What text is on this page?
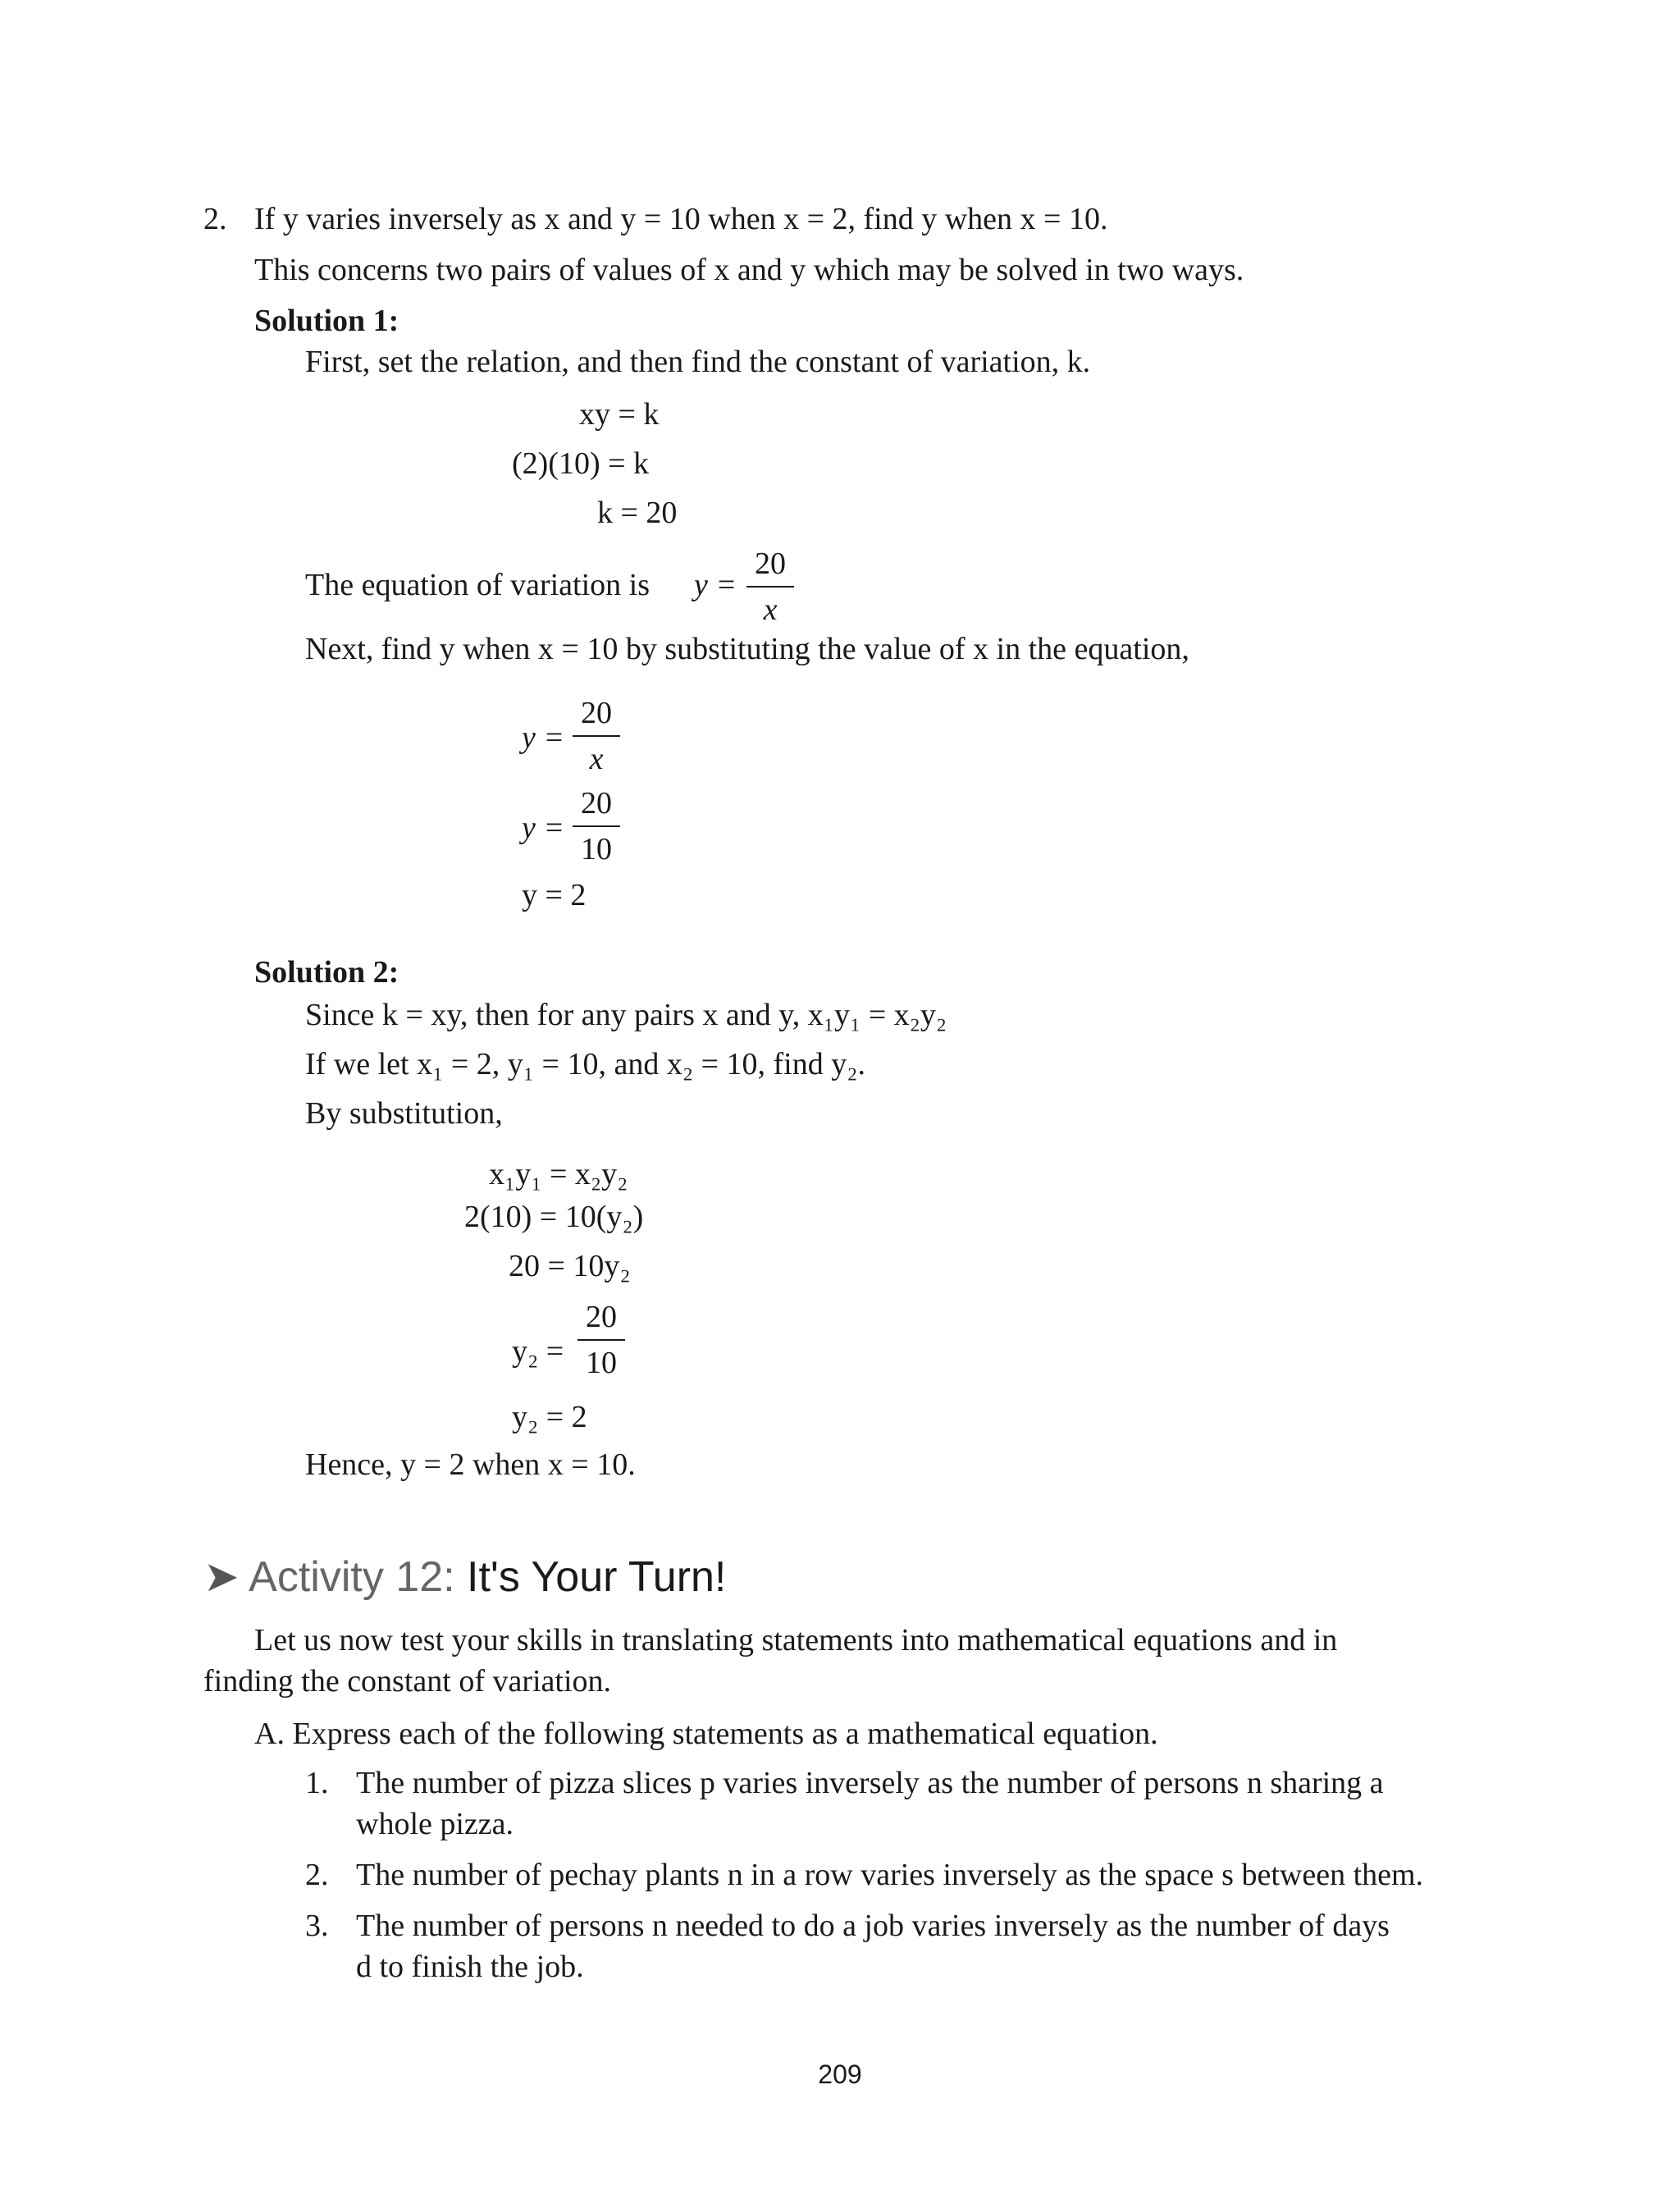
2. If y varies inversely as x and y = 10 when x = 2, find y when x = 10.
This concerns two pairs of values of x and y which may be solved in two ways.
Solution 1:
First, set the relation, and then find the constant of variation, k.
xy = k
(2)(10) = k
k = 20
The equation of variation is y =
20
x
Next, find y when x = 10 by substituting the value of x in the equation,
y =
20
x
y =
20
10
y = 2
Solution 2:
Since k = xy, then for any pairs x and y, x₁y₁ = x₂y₂
If we let x₁ = 2, y₁ = 10, and x₂ = 10, find y₂.
By substitution,
x₁y₁ = x₂y₂
2(10) = 10(y₂)
20 = 10y₂
y₂ =
20
10
y₂ = 2
Hence, y = 2 when x = 10.
➤ Activity 12: It's Your Turn!
Let us now test your skills in translating statements into mathematical equations and in
finding the constant of variation.
A. Express each of the following statements as a mathematical equation.
1. The number of pizza slices p varies inversely as the number of persons n sharing a
whole pizza.
2. The number of pechay plants n in a row varies inversely as the space s between them.
3. The number of persons n needed to do a job varies inversely as the number of days
d to finish the job.
209
